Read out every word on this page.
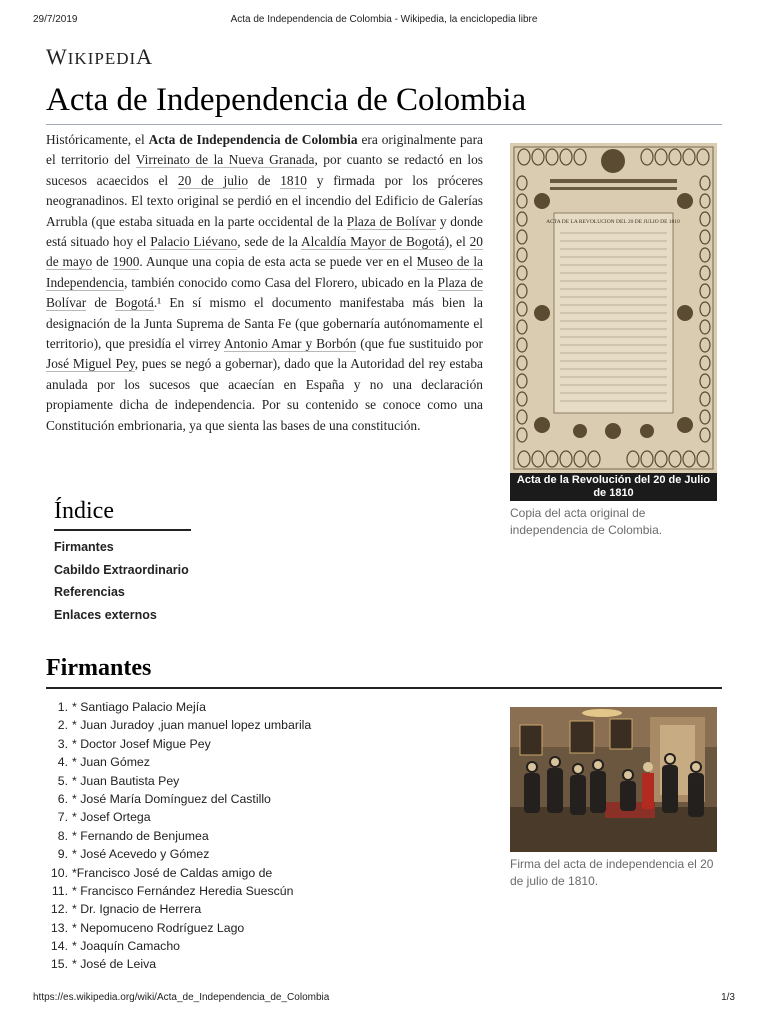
29/7/2019	Acta de Independencia de Colombia - Wikipedia, la enciclopedia libre
WIKIPEDIA
Acta de Independencia de Colombia

Históricamente, el Acta de Independencia de Colombia era originalmente para el territorio del Virreinato de la Nueva Granada, por cuanto se redactó en los sucesos acaecidos el 20 de julio de 1810 y firmada por los próceres neogranadinos. El texto original se perdió en el incendio del Edificio de Galerías Arrubla (que estaba situada en la parte occidental de la Plaza de Bolívar y donde está situado hoy el Palacio Liévano, sede de la Alcaldía Mayor de Bogotá), el 20 de mayo de 1900. Aunque una copia de esta acta se puede ver en el Museo de la Independencia, también conocido como Casa del Florero, ubicado en la Plaza de Bolívar de Bogotá.¹ En sí mismo el documento manifestaba más bien la designación de la Junta Suprema de Santa Fe (que gobernaría autónomamente el territorio), que presidía el virrey Antonio Amar y Borbón (que fue sustituido por José Miguel Pey, pues se negó a gobernar), dado que la Autoridad del rey estaba anulada por los sucesos que acaecían en España y no una declaración propiamente dicha de independencia. Por su contenido se conoce como una Constitución embrionaria, ya que sienta las bases de una constitución.

ACTA DE LA REVOLUCION DEL 20 DE JULIO DE 1810
Acta de la Revolución del 20 de Julio de 1810
Copia del acta original de independencia de Colombia.
Índice
Firmantes
Cabildo Extraordinario
Referencias
Enlaces externos
Firmantes
1. * Santiago Palacio Mejía
2. * Juan Juradoy ,juan manuel lopez umbarila
3. * Doctor Josef Migue Pey
4. * Juan Gómez
5. * Juan Bautista Pey
6. * José María Domínguez del Castillo
7. * Josef Ortega
8. * Fernando de Benjumea
9. * José Acevedo y Gómez
10. *Francisco José de Caldas amigo de
11. * Francisco Fernández Heredia Suescún
12. * Dr. Ignacio de Herrera
13. * Nepomuceno Rodríguez Lago
14. * Joaquín Camacho
15. * José de Leiva
Firma del acta de independencia el 20 de julio de 1810.
https://es.wikipedia.org/wiki/Acta_de_Independencia_de_Colombia	1/3
